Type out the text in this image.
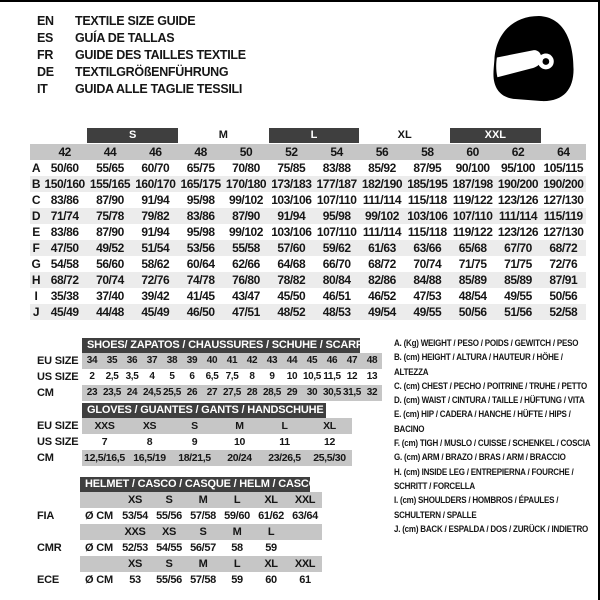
EN	TEXTILE SIZE GUIDE
ES	GUÍA DE TALLAS
FR	GUIDE DES TAILLES TEXTILE
DE	TEXTILGRÖßENFÜHRUNG
IT	GUIDA ALLE TAGLIE TESSILI
S	M	L	XL	XXL
42	44	46	48	50	52	54	56	58	60	62	64
A 50/60	55/65	60/70	65/75	70/80	75/85	83/88	85/92	87/95	90/100 95/100 105/115
B 150/160 155/165 160/170 165/175 170/180 173/183 177/187 182/190 185/195 187/198 190/200 190/200
C 83/86	87/90	91/94	95/98	99/102 103/106 107/110 111/114 115/118 119/122 123/126 127/130
D 71/74	75/78	79/82	83/86	87/90	91/94	95/98	99/102 103/106 107/110 111/114 115/119
E 83/86	87/90	91/94	95/98	99/102 103/106 107/110 111/114 115/118 119/122 123/126 127/130
F 47/50	49/52	51/54	53/56	55/58	57/60	59/62	61/63	63/66	65/68	67/70	68/72
G 54/58	56/60	58/62	60/64	62/66	64/68	66/70	68/72	70/74	71/75	71/75	72/76
H 68/72	70/74	72/76	74/78	76/80	78/82	80/84	82/86	84/88	85/89	85/89	87/91
I	35/38	37/40	39/42	41/45	43/47	45/50	46/51	46/52	47/53	48/54	49/55	50/56
J 45/49	44/48	45/49	46/50	47/51	48/52	48/53	49/54	49/55	50/56	51/56	52/58
SHOES/ ZAPATOS / CHAUSSURES / SCHUHE / SCARPE
EU SIZE 34 35 36 37 38 39 40 41 42 43 44 45 46 47 48
US SIZE	2	2,5 3,5	4	5	6	6,5 7,5	8	9	10 10,5 11,5 12 13
CM	23 23,5 24 24,5 25,5 26 27 27,5 28 28,5 29 30 30,5 31,5 32
GLOVES / GUANTES / GANTS / HANDSCHUHE / GUANTI
EU SIZE	XXS	XS	S	M	L	XL
US SIZE	7	8	9	10	11	12
CM	12,5/16,5 16,5/19	18/21,5	20/24	23/26,5	25,5/30
HELMET / CASCO / CASQUE / HELM / CASCO
XS	S	M	L	XL	XXL
FIA	Ø CM 53/54 55/56 57/58 59/60 61/62 63/64
XXS	XS	S	M	L
CMR	Ø CM 52/53 54/55 56/57	58	59
XS	S	M	L	XL	XXL
ECE	Ø CM	53	55/56 57/58	59	60	61
A. (Kg) WEIGHT / PESO / POIDS / GEWITCH / PESO
B. (cm) HEIGHT / ALTURA / HAUTEUR / HÖHE / ALTEZZA
C. (cm) CHEST / PECHO / POITRINE / TRUHE / PETTO
D. (cm) WAIST / CINTURA / TAILLE / HÜFTUNG / VITA
E. (cm) HIP / CADERA / HANCHE / HÜFTE / HIPS / BACINO
F. (cm) TIGH / MUSLO / CUISSE / SCHENKEL / COSCIA
G. (cm) ARM / BRAZO / BRAS / ARM / BRACCIO
H. (cm) INSIDE LEG / ENTREPIERNA / FOURCHE / SCHRITT / FORCELLA
I. (cm) SHOULDERS / HOMBROS / ÉPAULES / SCHULTERN / SPALLE
J. (cm) BACK / ESPALDA / DOS / ZURÜCK / INDIETRO
